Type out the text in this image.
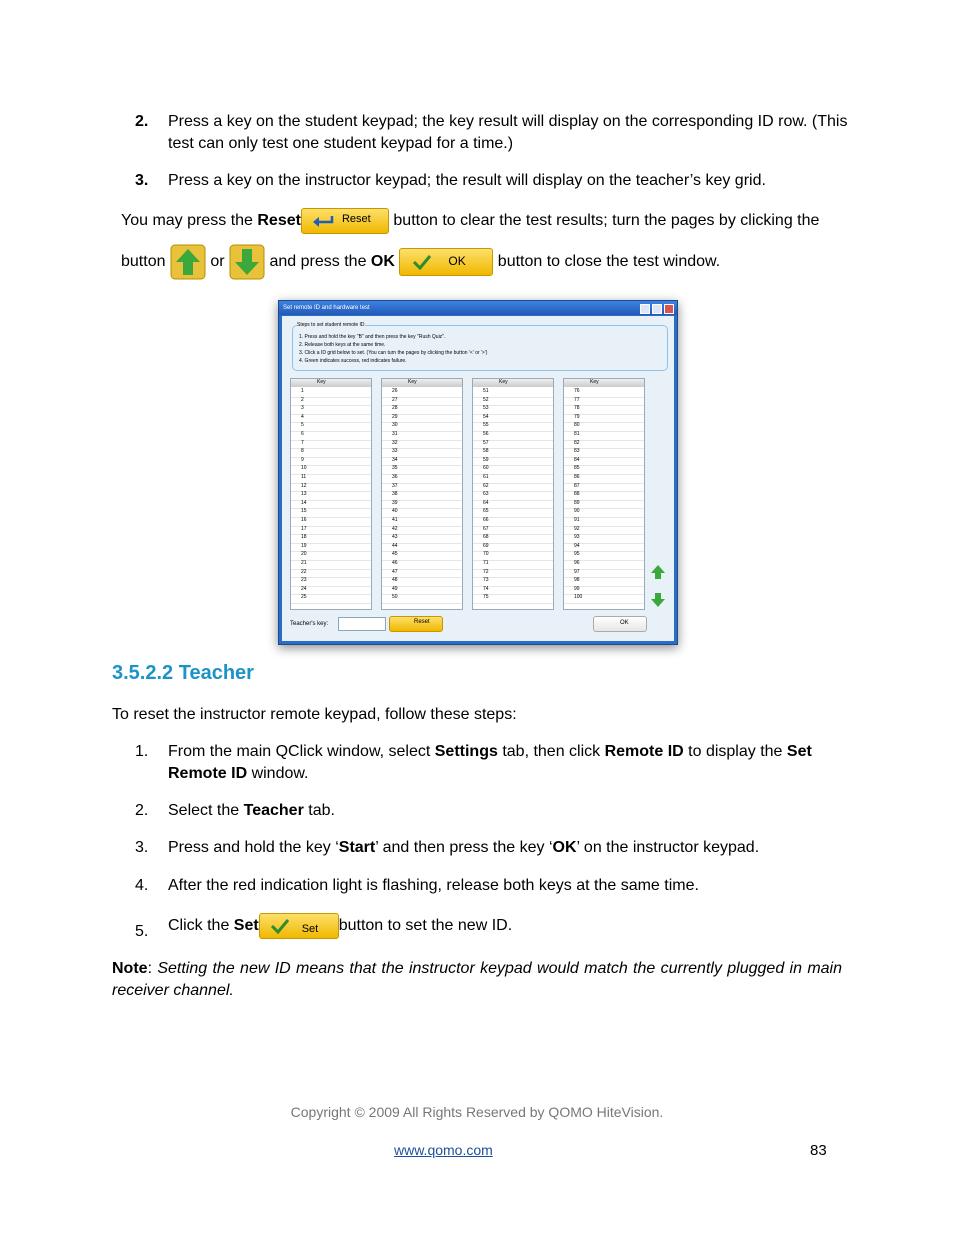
2. Press a key on the student keypad; the key result will display on the corresponding ID row. (This test can only test one student keypad for a time.)
3. Press a key on the instructor keypad; the result will display on the teacher’s key grid.
You may press the Reset	Reset button to clear the test results; turn the pages by clicking the
button  or  and press the OK	OK button to close the test window.
Set remote ID and hardware test
Steps to set student remote ID
1. Press and hold the key "B" and then press the key "Rush Quiz".
2. Release both keys at the same time.
3. Click a ID grid below to set. (You can turn the pages by clicking the button '<' or '>')
4. Green indicates success, red indicates failure.
Key
1
2
3
4
5
6
7
8
9
10
11
12
13
14
15
16
17
18
19
20
21
22
23
24
25
Key
26
27
28
29
30
31
32
33
34
35
36
37
38
39
40
41
42
43
44
45
46
47
48
49
50
Key
51
52
53
54
55
56
57
58
59
60
61
62
63
64
65
66
67
68
69
70
71
72
73
74
75
Key
76
77
78
79
80
81
82
83
84
85
86
87
88
89
90
91
92
93
94
95
96
97
98
99
100
Teacher's key:	Reset	OK
3.5.2.2 Teacher
To reset the instructor remote keypad, follow these steps:
1. From the main QClick window, select Settings tab, then click Remote ID to display the Set Remote ID window.
2. Select the Teacher tab.
3. Press and hold the key ‘Start’ and then press the key ‘OK’ on the instructor keypad.
4. After the red indication light is flashing, release both keys at the same time.
5. Click the Set	Set button to set the new ID.
Note: Setting the new ID means that the instructor keypad would match the currently plugged in main receiver channel.
Copyright © 2009 All Rights Reserved by QOMO HiteVision.
www.qomo.com	83
